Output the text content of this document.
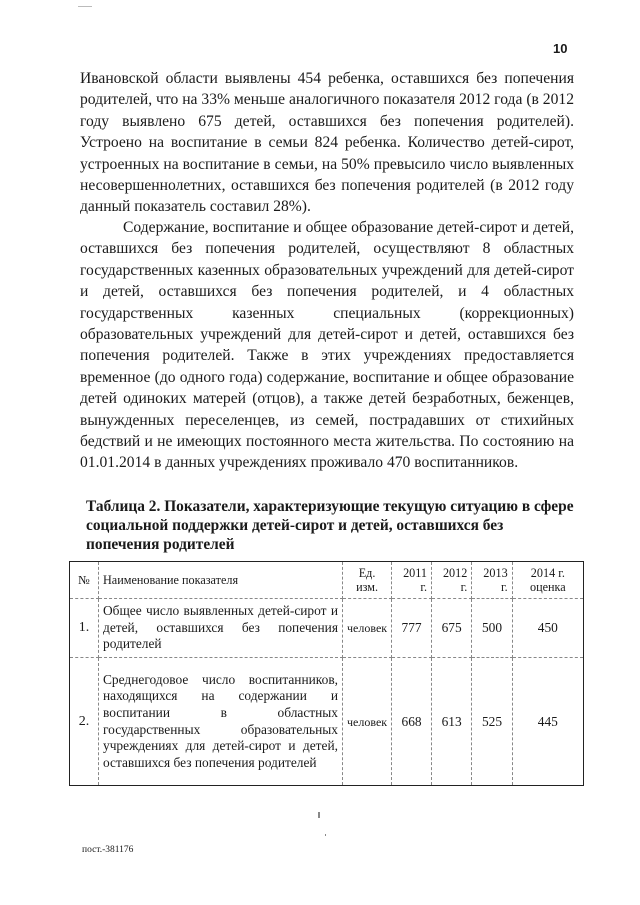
10

Ивановской области выявлены 454 ребенка, оставшихся без попечения родителей, что на 33% меньше аналогичного показателя 2012 года (в 2012 году выявлено 675 детей, оставшихся без попечения родителей). Устроено на воспитание в семьи 824 ребенка. Количество детей-сирот, устроенных на воспитание в семьи, на 50% превысило число выявленных несовершеннолетних, оставшихся без попечения родителей (в 2012 году данный показатель составил 28%).

Содержание, воспитание и общее образование детей-сирот и детей, оставшихся без попечения родителей, осуществляют 8 областных государственных казенных образовательных учреждений для детей-сирот и детей, оставшихся без попечения родителей, и 4 областных государственных казенных специальных (коррекционных) образовательных учреждений для детей-сирот и детей, оставшихся без попечения родителей. Также в этих учреждениях предоставляется временное (до одного года) содержание, воспитание и общее образование детей одиноких матерей (отцов), а также детей безработных, беженцев, вынужденных переселенцев, из семей, пострадавших от стихийных бедствий и не имеющих постоянного места жительства. По состоянию на 01.01.2014 в данных учреждениях проживало 470 воспитанников.

Таблица 2. Показатели, характеризующие текущую ситуацию в сфере социальной поддержки детей-сирот и детей, оставшихся без попечения родителей
№	Наименование показателя	Ед. изм.	2011 г.	2012 г.	2013 г.	2014 г. оценка
1.	Общее число выявленных детей-сирот и детей, оставшихся без попечения родителей	человек	777	675	500	450
2.	Среднегодовое число воспитанников, находящихся на содержании и воспитании в областных государственных образовательных учреждениях для детей-сирот и детей, оставшихся без попечения родителей	человек	668	613	525	445
пост.-381176
